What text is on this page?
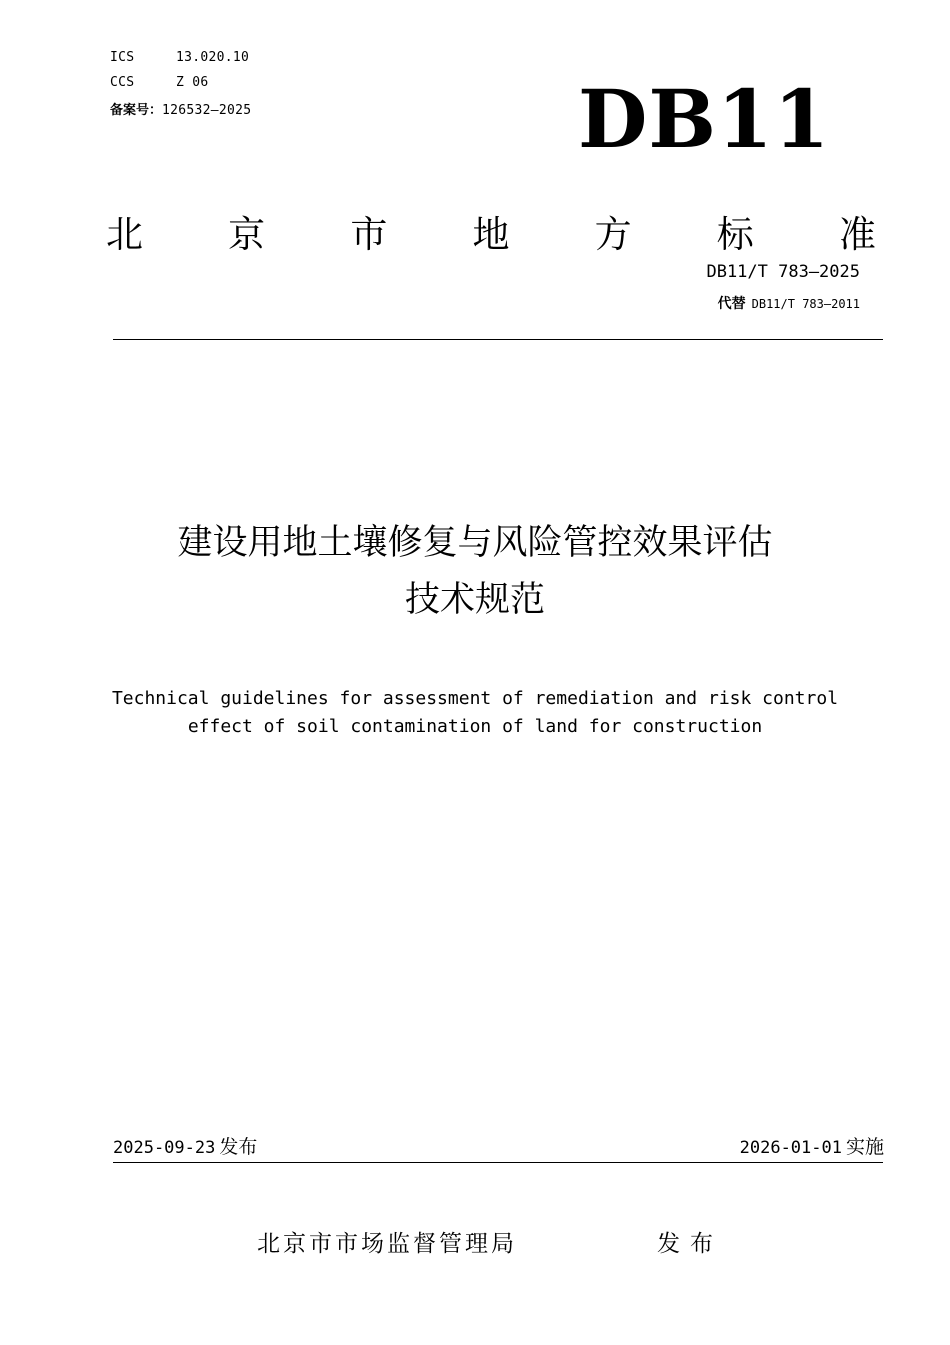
ICS	13.020.10
CCS	Z 06
备案号：126532—2025	DB11
北 京 市 地 方 标 准
DB11/T 783—2025
代替 DB11/T 783—2011
建设用地土壤修复与风险管控效果评估
技术规范
Technical guidelines for assessment of remediation and risk control
effect of soil contamination of land for construction
2025-09-23 发布	2026-01-01 实施
北京市市场监督管理局	发布
